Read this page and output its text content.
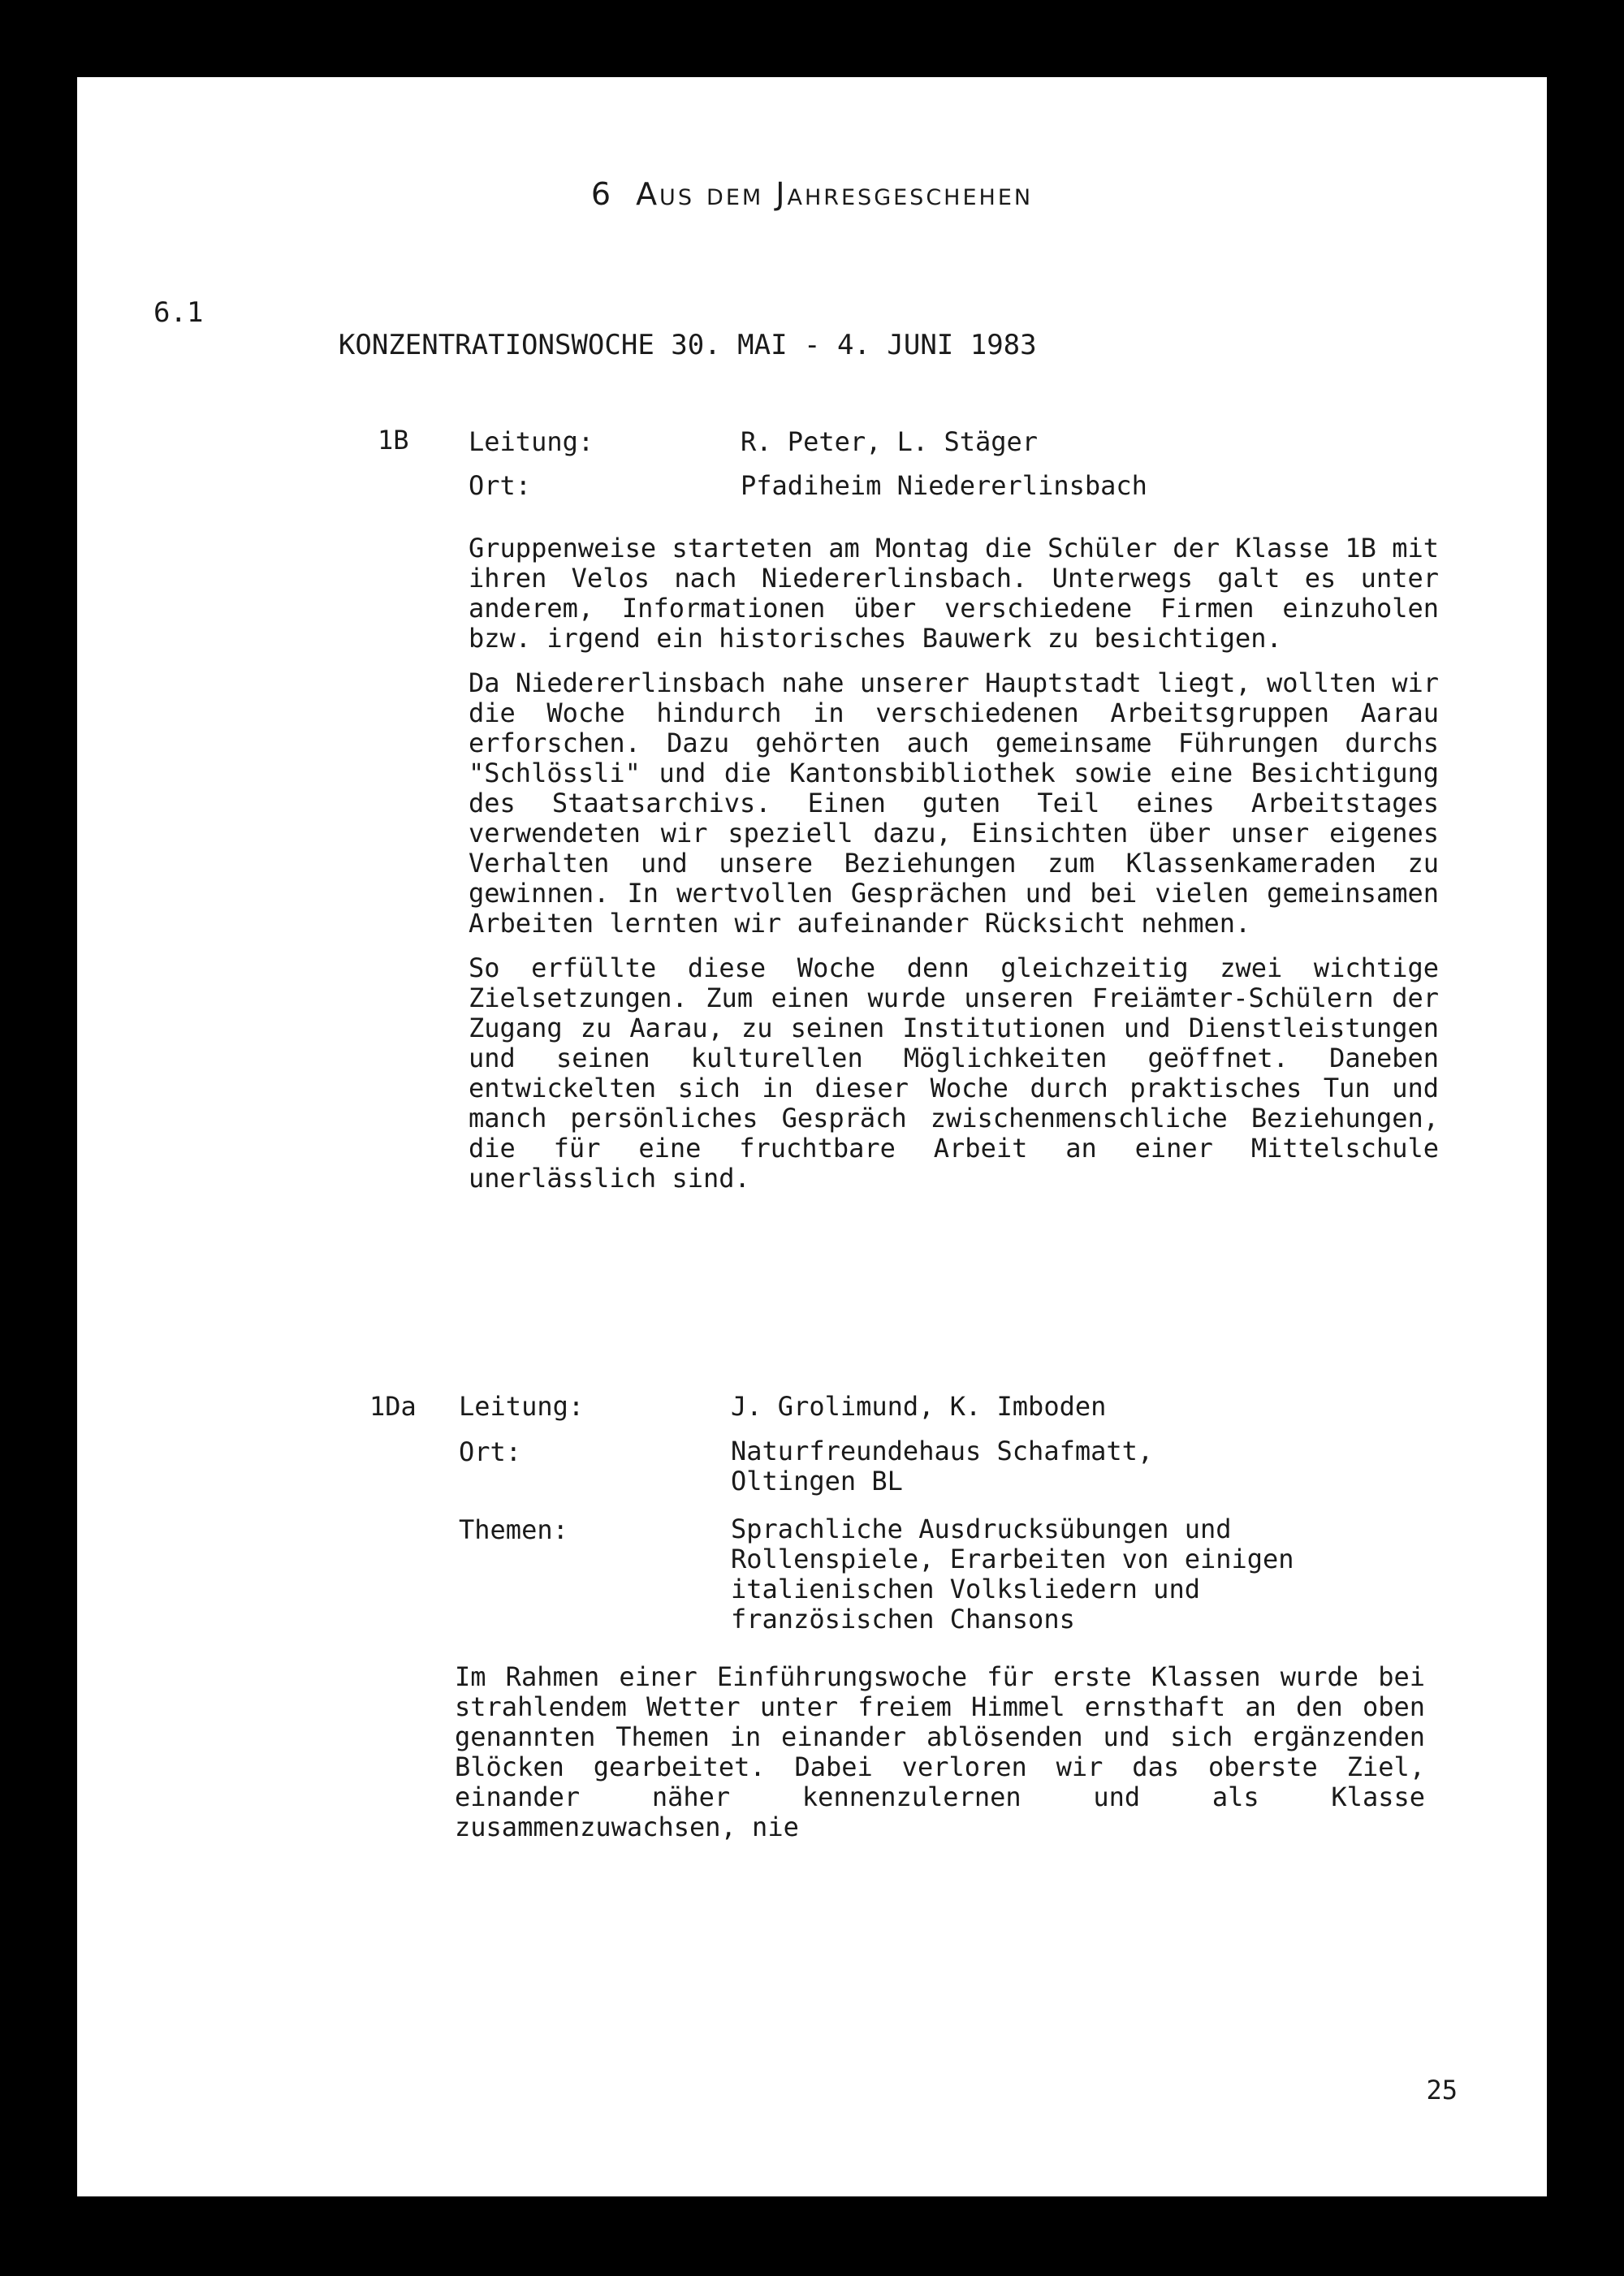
6 Aus dem Jahresgeschehen

6.1
KONZENTRATIONSWOCHE 30. MAI - 4. JUNI 1983

1B Leitung:	R. Peter, L. Stäger
Ort:	Pfadiheim Niedererlinsbach

Gruppenweise starteten am Montag die Schüler der Klasse 1B mit ihren Velos nach Niedererlinsbach. Unterwegs galt es unter anderem, Informationen über verschiedene Firmen einzuholen bzw. irgend ein historisches Bauwerk zu besichtigen.

Da Niedererlinsbach nahe unserer Hauptstadt liegt, wollten wir die Woche hindurch in verschiedenen Arbeitsgruppen Aarau erforschen. Dazu gehörten auch gemeinsame Führungen durchs "Schlössli" und die Kantonsbibliothek sowie eine Besichtigung des Staatsarchivs. Einen guten Teil eines Arbeitstages verwendeten wir speziell dazu, Einsichten über unser eigenes Verhalten und unsere Beziehungen zum Klassenkameraden zu gewinnen. In wertvollen Gesprächen und bei vielen gemeinsamen Arbeiten lernten wir aufeinander Rücksicht nehmen.

So erfüllte diese Woche denn gleichzeitig zwei wichtige Zielsetzungen. Zum einen wurde unseren Freiämter-Schülern der Zugang zu Aarau, zu seinen Institutionen und Dienstleistungen und seinen kulturellen Möglichkeiten geöffnet. Daneben entwickelten sich in dieser Woche durch praktisches Tun und manch persönliches Gespräch zwischenmenschliche Beziehungen, die für eine fruchtbare Arbeit an einer Mittelschule unerlässlich sind.

1Da Leitung:	J. Grolimund, K. Imboden
Ort:	Naturfreundehaus Schafmatt,
Oltingen BL
Themen:	Sprachliche Ausdrucksübungen und
Rollenspiele, Erarbeiten von einigen
italienischen Volksliedern und
französischen Chansons

Im Rahmen einer Einführungswoche für erste Klassen wurde bei strahlendem Wetter unter freiem Himmel ernsthaft an den oben genannten Themen in einander ablösenden und sich ergänzenden Blöcken gearbeitet. Dabei verloren wir das oberste Ziel, einander näher kennenzulernen und als Klasse zusammenzuwachsen, nie

25
